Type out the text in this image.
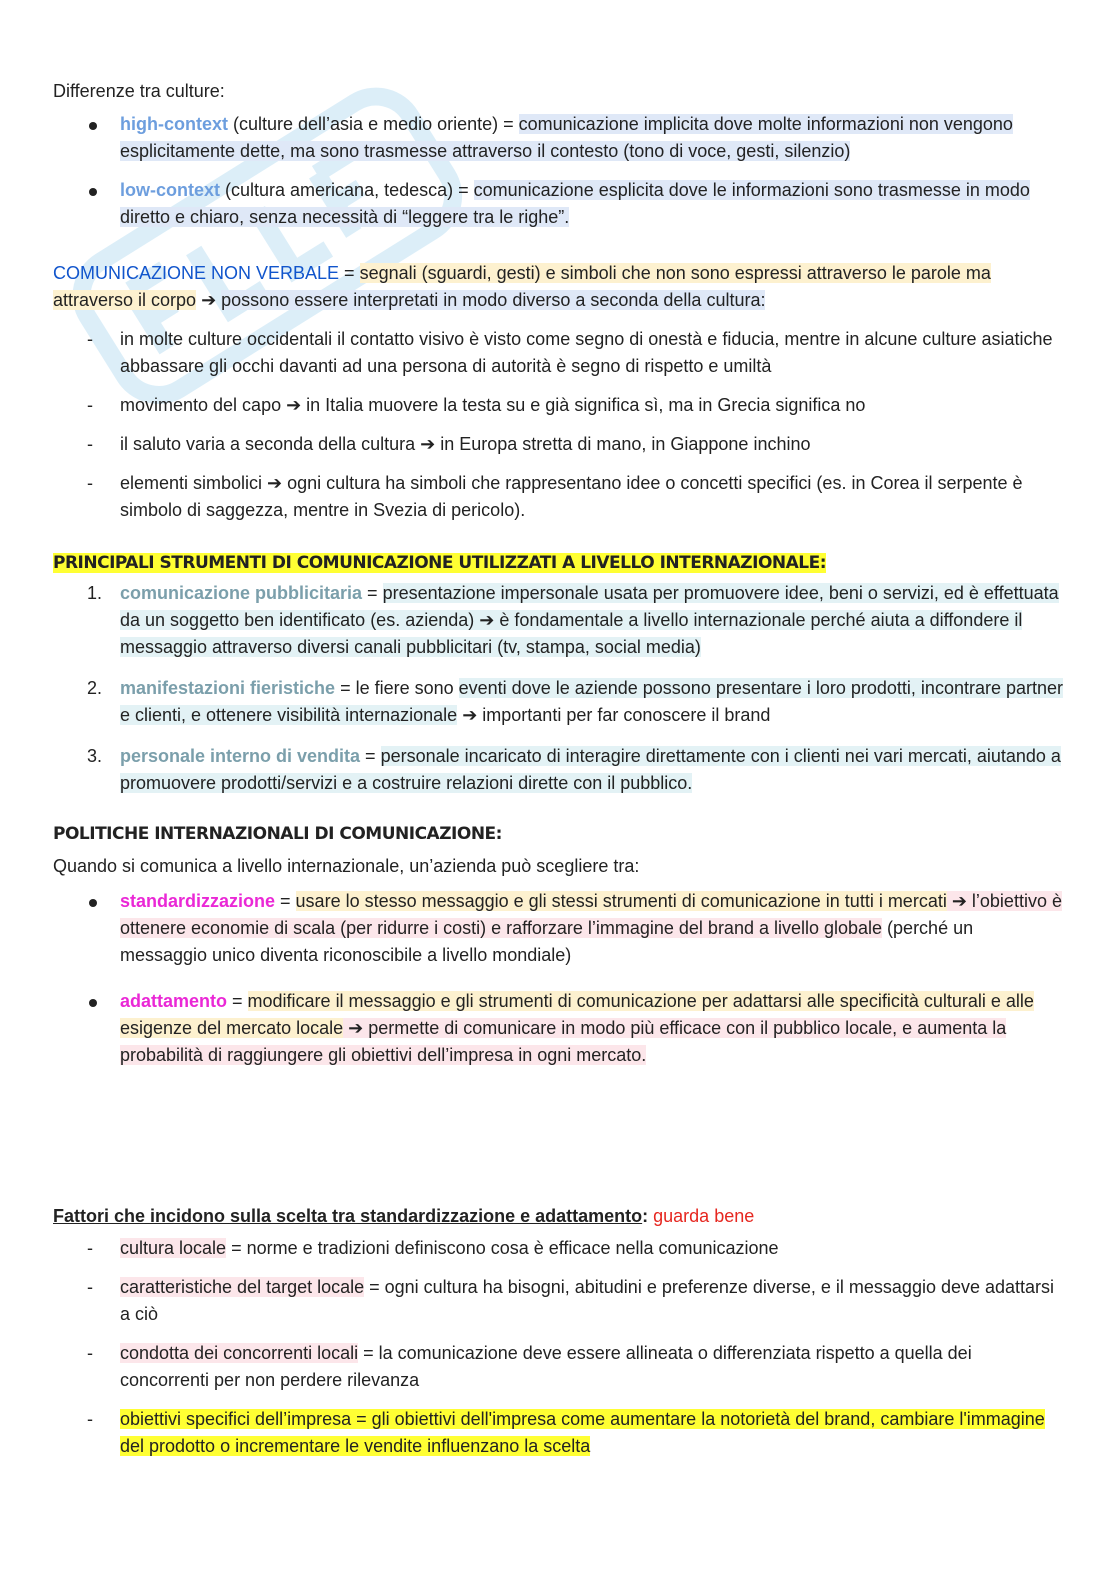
Differenze tra culture:

high-context (culture dell’asia e medio oriente) = comunicazione implicita dove molte informazioni non vengono esplicitamente dette, ma sono trasmesse attraverso il contesto (tono di voce, gesti, silenzio)
low-context (cultura americana, tedesca) = comunicazione esplicita dove le informazioni sono trasmesse in modo diretto e chiaro, senza necessità di “leggere tra le righe”.

COMUNICAZIONE NON VERBALE = segnali (sguardi, gesti) e simboli che non sono espressi attraverso le parole ma attraverso il corpo ➔ possono essere interpretati in modo diverso a seconda della cultura:

-	in molte culture occidentali il contatto visivo è visto come segno di onestà e fiducia, mentre in alcune culture asiatiche abbassare gli occhi davanti ad una persona di autorità è segno di rispetto e umiltà
-	movimento del capo ➔ in Italia muovere la testa su e già significa sì, ma in Grecia significa no
-	il saluto varia a seconda della cultura ➔ in Europa stretta di mano, in Giappone inchino
-	elementi simbolici ➔ ogni cultura ha simboli che rappresentano idee o concetti specifici (es. in Corea il serpente è simbolo di saggezza, mentre in Svezia di pericolo).

PRINCIPALI STRUMENTI DI COMUNICAZIONE UTILIZZATI A LIVELLO INTERNAZIONALE:

1. comunicazione pubblicitaria = presentazione impersonale usata per promuovere idee, beni o servizi, ed è effettuata da un soggetto ben identificato (es. azienda) ➔ è fondamentale a livello internazionale perché aiuta a diffondere il messaggio attraverso diversi canali pubblicitari (tv, stampa, social media)
2. manifestazioni fieristiche = le fiere sono eventi dove le aziende possono presentare i loro prodotti, incontrare partner e clienti, e ottenere visibilità internazionale ➔ importanti per far conoscere il brand
3. personale interno di vendita = personale incaricato di interagire direttamente con i clienti nei vari mercati, aiutando a promuovere prodotti/servizi e a costruire relazioni dirette con il pubblico.

POLITICHE INTERNAZIONALI DI COMUNICAZIONE:

Quando si comunica a livello internazionale, un’azienda può scegliere tra:

standardizzazione = usare lo stesso messaggio e gli stessi strumenti di comunicazione in tutti i mercati ➔ l’obiettivo è ottenere economie di scala (per ridurre i costi) e rafforzare l’immagine del brand a livello globale (perché un messaggio unico diventa riconoscibile a livello mondiale)
adattamento = modificare il messaggio e gli strumenti di comunicazione per adattarsi alle specificità culturali e alle esigenze del mercato locale ➔ permette di comunicare in modo più efficace con il pubblico locale, e aumenta la probabilità di raggiungere gli obiettivi dell’impresa in ogni mercato.

Fattori che incidono sulla scelta tra standardizzazione e adattamento: guarda bene

-	cultura locale = norme e tradizioni definiscono cosa è efficace nella comunicazione
-	caratteristiche del target locale = ogni cultura ha bisogni, abitudini e preferenze diverse, e il messaggio deve adattarsi a ciò
-	condotta dei concorrenti locali = la comunicazione deve essere allineata o differenziata rispetto a quella dei concorrenti per non perdere rilevanza
-	obiettivi specifici dell’impresa = gli obiettivi dell'impresa come aumentare la notorietà del brand, cambiare l'immagine del prodotto o incrementare le vendite influenzano la scelta
